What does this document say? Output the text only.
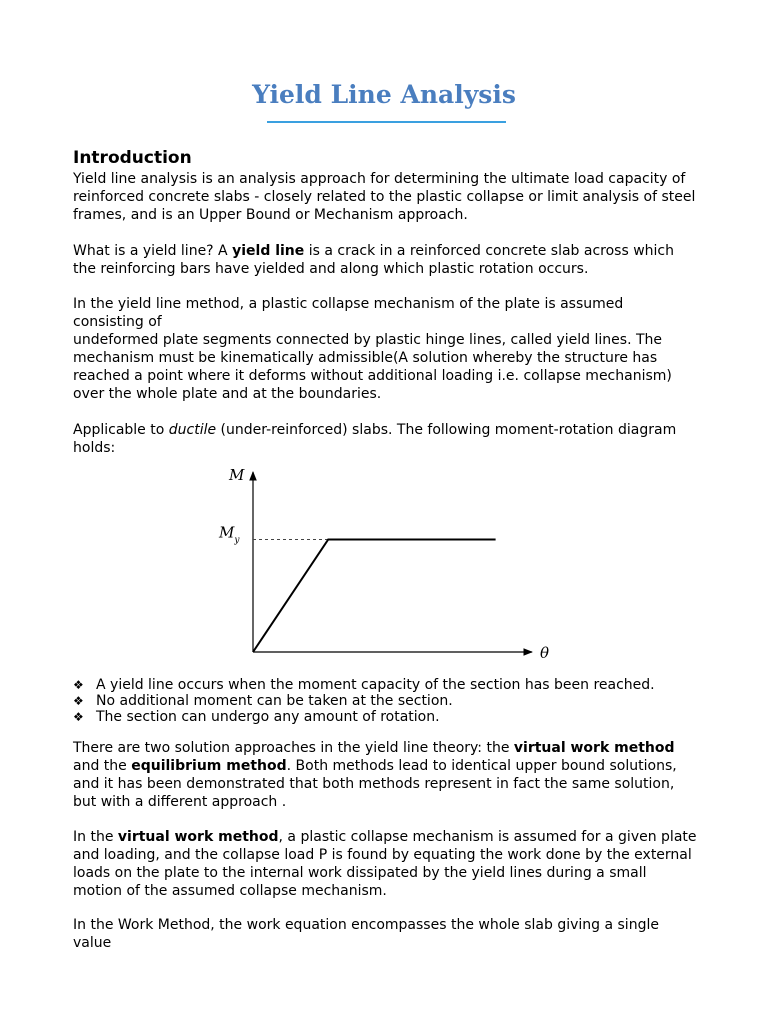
Yield Line Analysis
Introduction

Yield line analysis is an analysis approach for determining the ultimate load capacity of reinforced concrete slabs - closely related to the plastic collapse or limit analysis of steel frames, and is an Upper Bound or Mechanism approach.

What is a yield line? A yield line is a crack in a reinforced concrete slab across which the reinforcing bars have yielded and along which plastic rotation occurs.

In the yield line method, a plastic collapse mechanism of the plate is assumed consisting of

undeformed plate segments connected by plastic hinge lines, called yield lines. The mechanism must be kinematically admissible(A solution whereby the structure has reached a point where it deforms without additional loading i.e. collapse mechanism) over the whole plate and at the boundaries.

Applicable to ductile (under-reinforced) slabs. The following moment-rotation diagram holds:

M
θ
$M_y$
❖ A yield line occurs when the moment capacity of the section has been reached.
❖ No additional moment can be taken at the section.
❖ The section can undergo any amount of rotation.

There are two solution approaches in the yield line theory: the virtual work method and the equilibrium method. Both methods lead to identical upper bound solutions, and it has been demonstrated that both methods represent in fact the same solution, but with a different approach .

In the virtual work method, a plastic collapse mechanism is assumed for a given plate and loading, and the collapse load P is found by equating the work done by the external loads on the plate to the internal work dissipated by the yield lines during a small motion of the assumed collapse mechanism.

In the Work Method, the work equation encompasses the whole slab giving a single value
